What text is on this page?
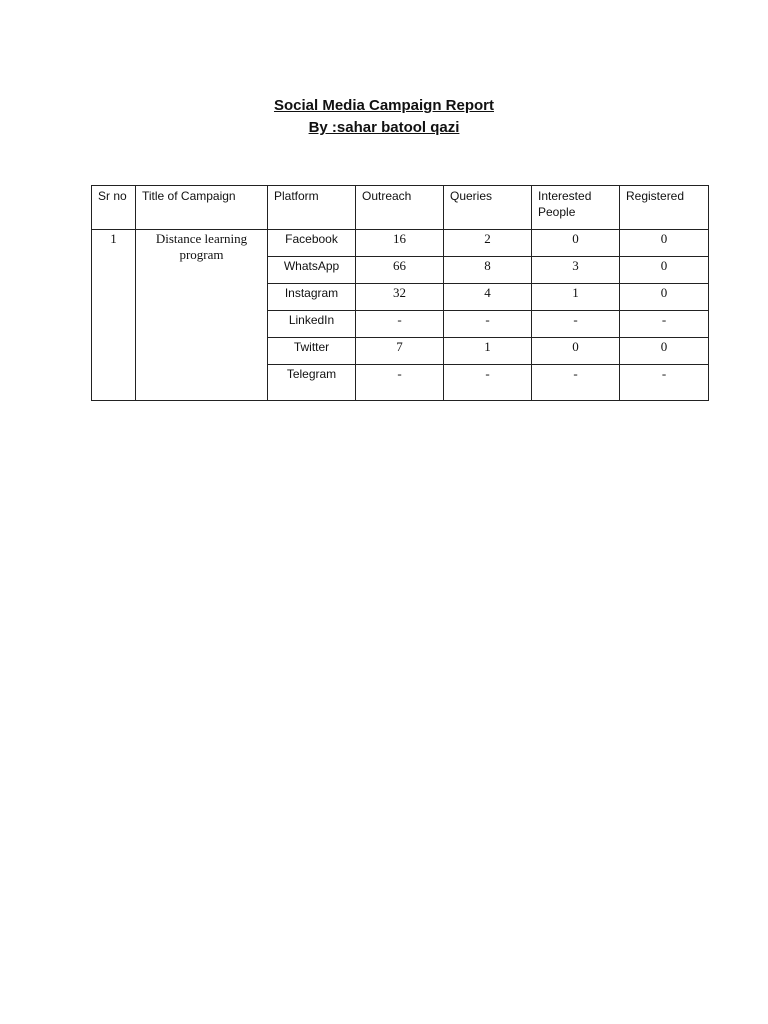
Social Media Campaign Report
By :sahar batool qazi
Sr no	Title of Campaign	Platform	Outreach	Queries	Interested People	Registered
1	Distance learning program	Facebook	16	2	0	0
		WhatsApp	66	8	3	0
		Instagram	32	4	1	0
		LinkedIn	-	-	-	-
		Twitter	7	1	0	0
		Telegram	-	-	-	-
